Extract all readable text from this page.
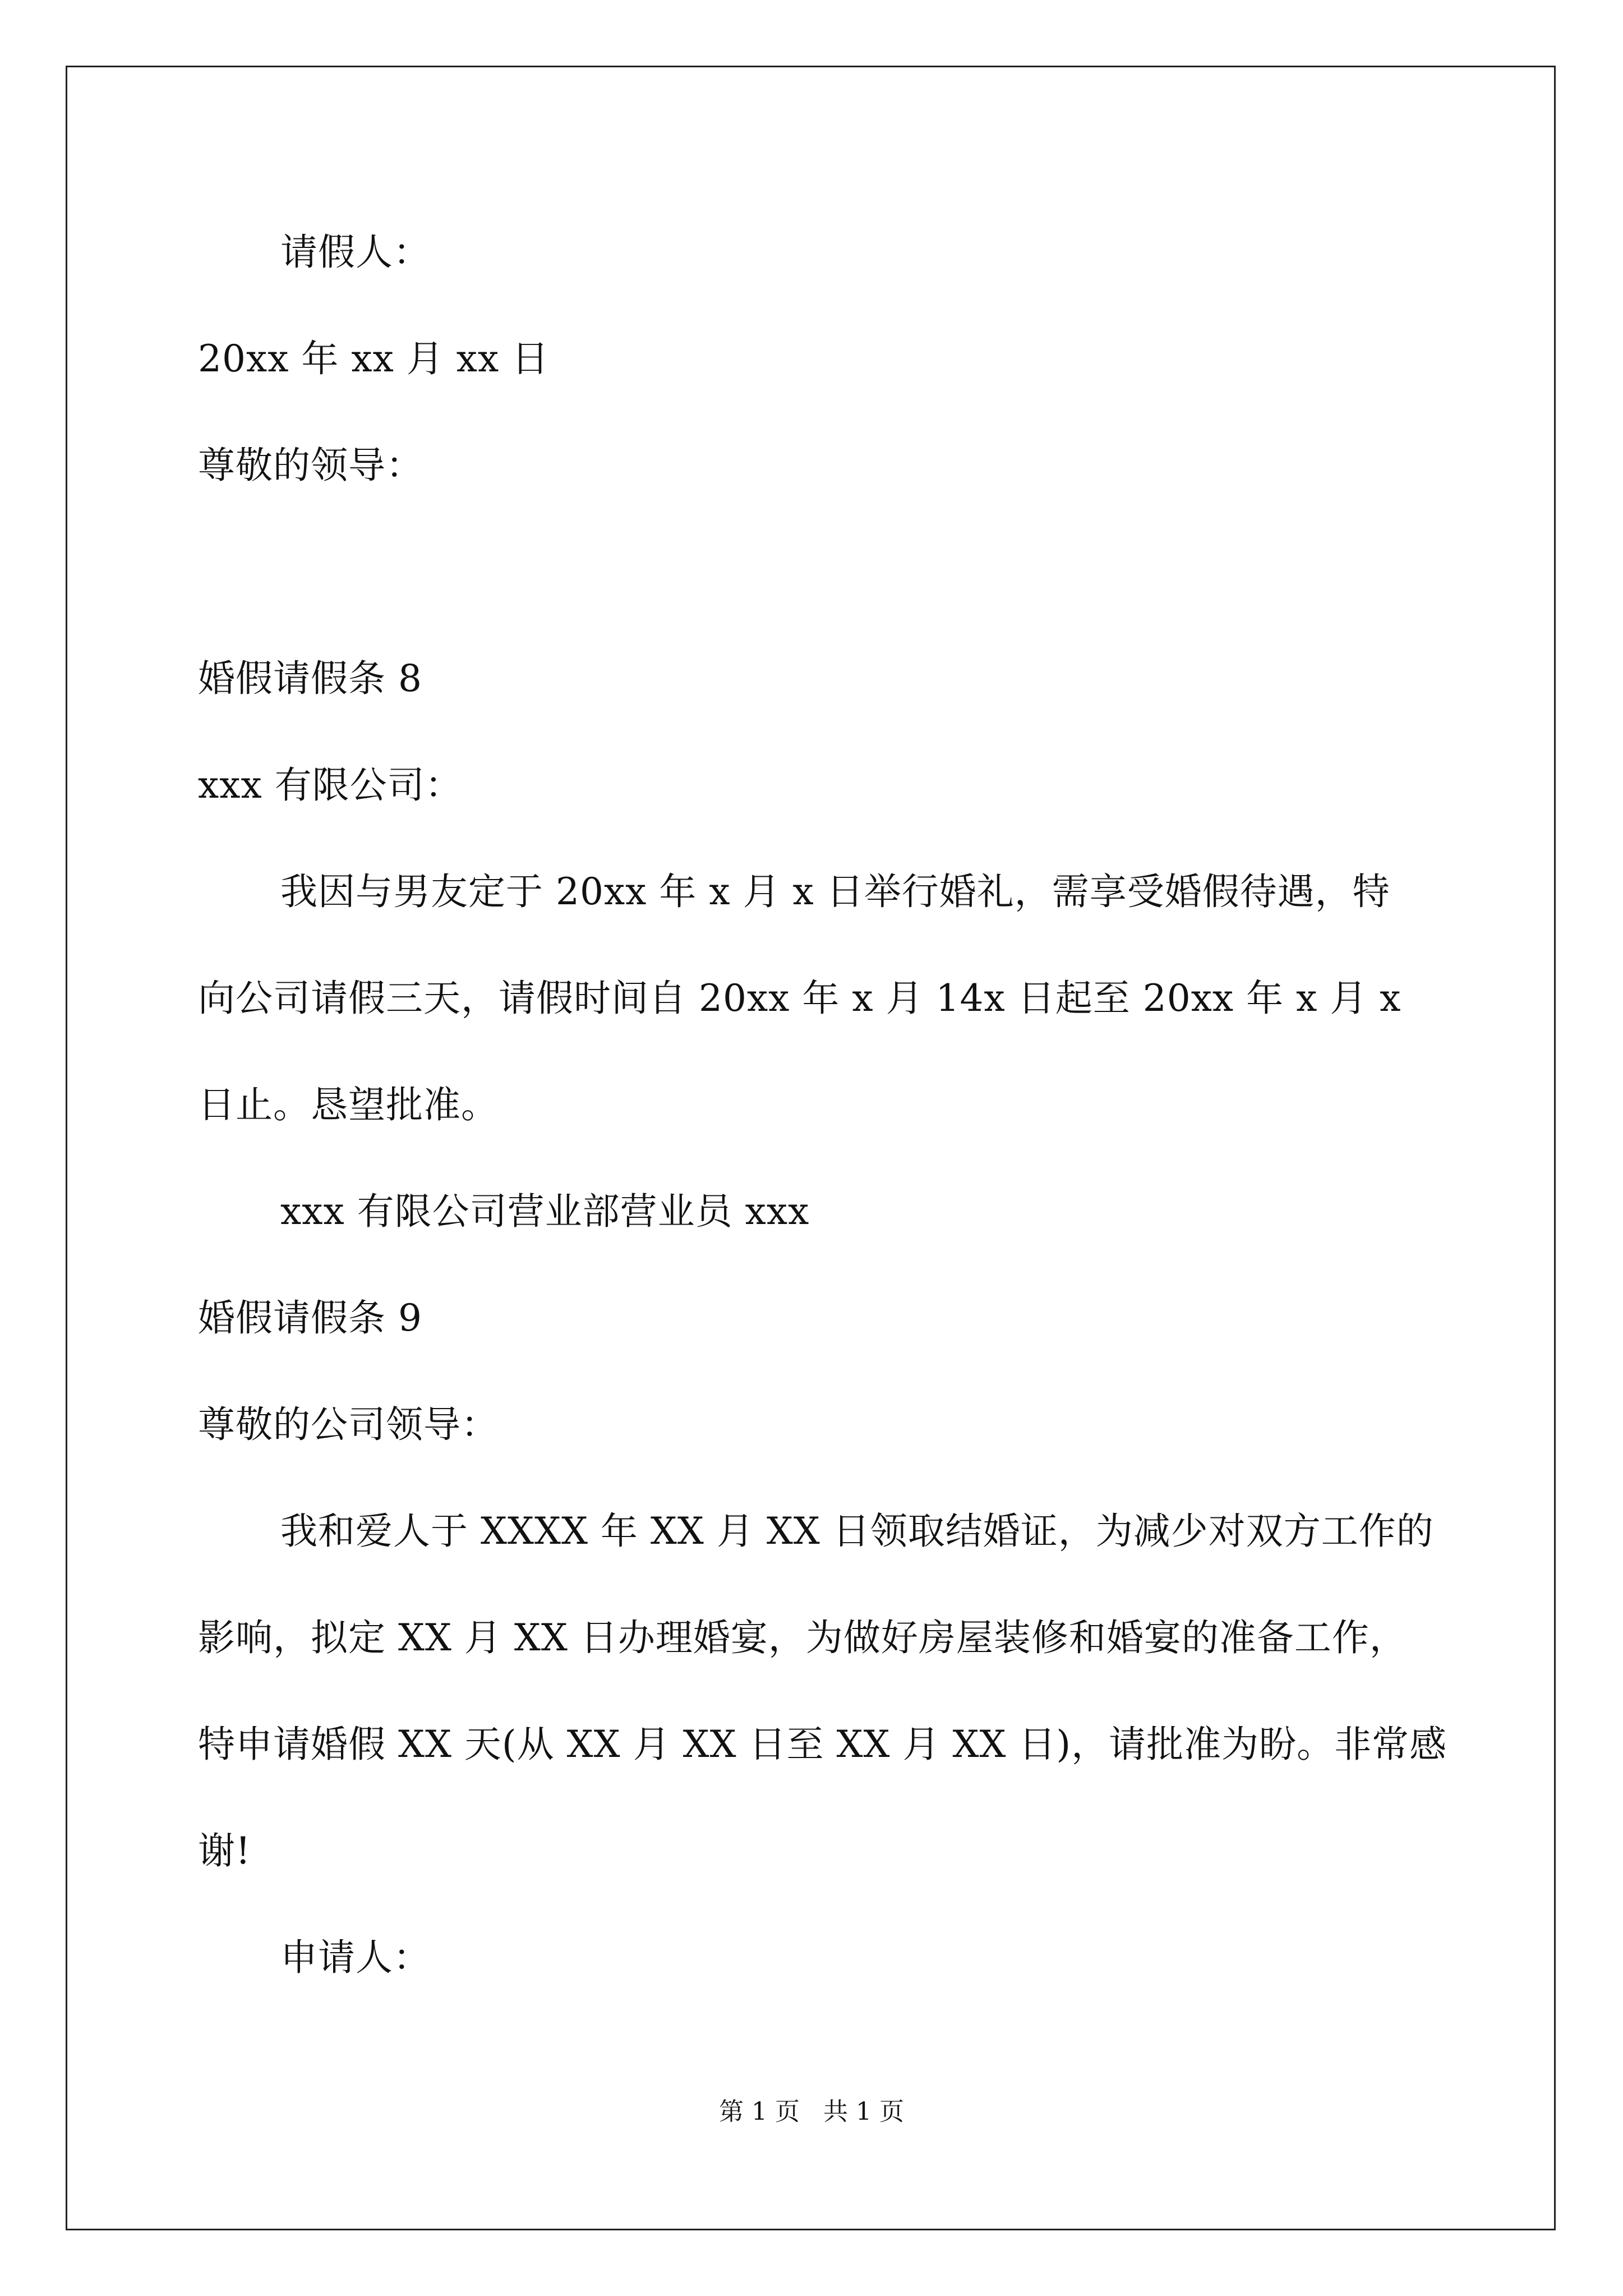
请假人：
20xx 年 xx 月 xx 日
尊敬的领导：
婚假请假条 8
xxx 有限公司：
我因与男友定于 20xx 年 x 月 x 日举行婚礼，需享受婚假待遇，特
向公司请假三天，请假时间自 20xx 年 x 月 14x 日起至 20xx 年 x 月 x
日止。恳望批准。
xxx 有限公司营业部营业员 xxx
婚假请假条 9
尊敬的公司领导：
我和爱人于 XXXX 年 XX 月 XX 日领取结婚证，为减少对双方工作的
影响，拟定 XX 月 XX 日办理婚宴，为做好房屋装修和婚宴的准备工作，
特申请婚假 XX 天(从 XX 月 XX 日至 XX 月 XX 日)，请批准为盼。非常感
谢!
申请人：
第 1 页   共 1 页
